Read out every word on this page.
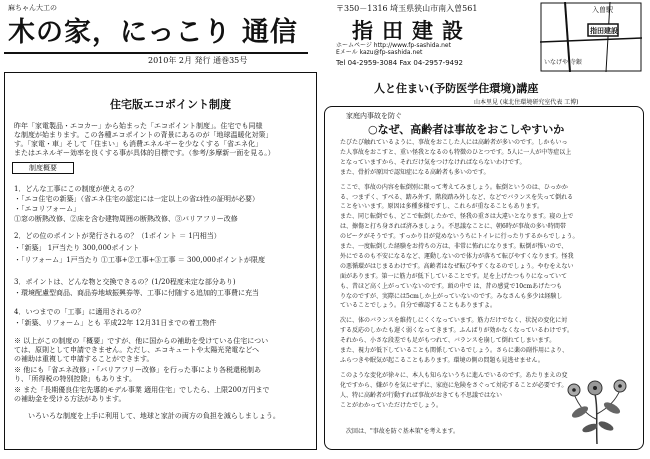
麻ちゃん大工の
木の家，にっこり 通信
2010年 2月 発行 通巻35号
〒350－1316 埼玉県狭山市南入曽561
指田建設
ホームページ http://www.fp-sashida.net
Eメール kazu@fp-sashida.net
Tel 04-2959-3084 Fax 04-2957-9492
入曽駅
指田建設
いなげや 寺銀
住宅版エコポイント制度
昨年「家電製品・エコカー」から始まった「エコポイント制度」。住宅でも同様
な制度が始まります。この各種エコポイントの背景にあるのが「地球温暖化対策」
す。「家電・車」そして「住まい」も消費エネルギーを少なくする「省エネ化」
またはエネルギー効率を良くする事が具体的目標です。（参考/多摩新一面を見る。）
制度概要
1．どんな工事にこの制度が使えるの？
・「エコ住宅の新築」（省エネ住宅の認定には一定以上の省ｴﾈ性の証明が必要）
・「エコリフォーム」
①窓の断熱改修、②床を含む建物周囲の断熱改修、③バリアフリー改修
2．どの位のポイントが発行されるの？（1ポイント ＝ 1円相当）
・「新築」 1戸当たり 300,000ポイント
・「リフォーム」1戸当たり ①工事+②工事+③工事 ＝ 300,000ポイントが限度
3．ポイントは、どんな物と交換できるの？(1/20程度未定な部分あり)
・環境配慮型商品、商品券地域振興券等、工事に付随する追加的工事費に充当
4．いつまでの「工事」に適用されるの？
・「新築、リフォーム」とも 平成22年 12月31日までの着工物件
※ 以上がこの制度の「概要」ですが、他に国からの補助を受けている住宅につい
ては、原則として申請できません。ただし、エコキュートや太陽光発電などへ
の補助は重複して申請することができます。
※ 他にも「省エネ改修」・「バリアフリー改修」を行った事により各税還税制あ
り、「所得税の特別控除」もあります。
※ また「長期優良住宅先導的モデル事業 適用住宅」でしたら、上限200万円まで
の補助金を受ける方法があります。
いろいろな制度を上手に利用して、地球と家計の両方の負担を減らしましょう。
人と住まい(予防医学住環境)講座
山本里見 (東北住環境研究室代表 工博)
家庭内事故を防ぐ
○なぜ、高齢者は事故をおこしやすいか
たびたび触れているように、事故をおこした人には高齢者が多いのです。しかもいっ
た人事故をおこすと、重い怪我となるのも特徴のひとつです。5人に一人が中等症以上
となっていますから、それだけ気をつけなければならないわけです。
また、骨折が原因で認知症になる高齢者も多いのです。
ここで、事故の内容を転倒別に限って考えてみましょう。転倒というのは、ひっかか
る、つまずく、すべる、踏み外す、階段踏み外しなど、などでバランスを失って倒れる
ことをいいます。原因は多種多様ですし、これらが重なることもあります。
また、同じ転倒でも、どこで転倒したかで、怪我の重さは大違いとなります。寝の上で
は、擦傷と打ち身されば済みましょう。不思議なことに、朝6時が事故の多い時間帯
のピークがそうです。すっかり目が覚めないうちにトイレに行ったりするからでしょう。
また、一度転倒した経験をお持ちの方は、非常に怖れになります。転倒が怖いので、
外にでるのも不安になるなど、運動しないので体力が落ちて転びやすくなります。怪我
の悪循環がはじまるわけです。高齢者はなぜ転びやすくなるのでしょう。やむをえない
面があります。第一に筋力が低下していることです。足を上げたつもりになっていて
も、昔ほど高く上がっていないのです。頭の中で は、昔の感覚で10cmあげたつも
りなのですが、実際には5cmしか上がっていないのです。みなさんも多少は経験し
ていることでしょう。自分で確認することもありますよ。
次に、体のバランスを維持しにくくなっています。筋力だけでなく、状況の変化に対
する反応のしかたも遅く弱くなってきます。ふんばりが効かなくなっているわけです。
それから、小さな段差でも足がもつれて、バランスを崩して倒れてしまいます。
また、視力が低下していることも関係しているでしょう。さらに薬の副作用により、
ふらつきや眠気が起こることもあります。環境の側の問題も見逃せません。
このような変化が徐々に、本人も知らないうちに進んでいるのです。あたりまえの変
化ですから、嫌がりを気にせずに、家庭に危険をさぐって対応することが必要です。
人、特に高齢者が行動すれば事故がおきても不思議ではない
ことがわかっていただけたでしょう。
次回は、"事故を防ぐ基本策"を考えます。
